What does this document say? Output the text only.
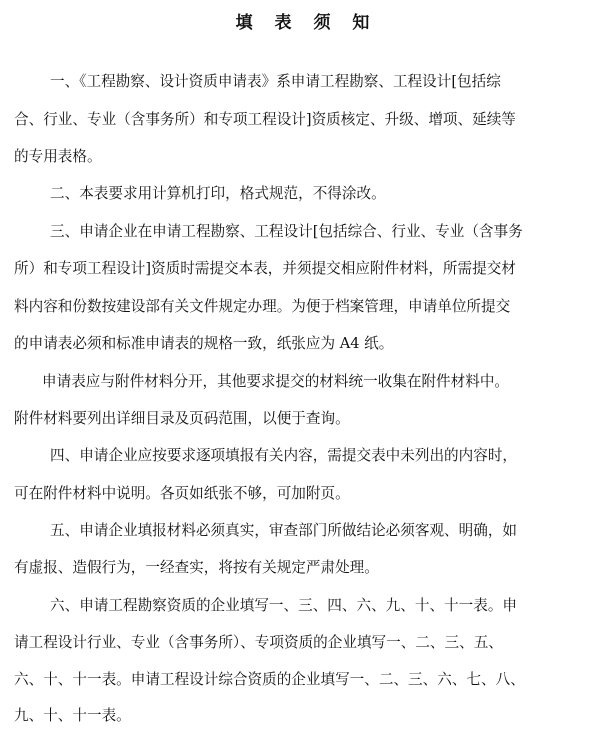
填 表 须 知
一、《工程勘察、设计资质申请表》系申请工程勘察、工程设计[包括综
合、行业、专业（含事务所）和专项工程设计]资质核定、升级、增项、延续等
的专用表格。
二、本表要求用计算机打印，格式规范，不得涂改。
三、申请企业在申请工程勘察、工程设计[包括综合、行业、专业（含事务
所）和专项工程设计]资质时需提交本表，并须提交相应附件材料，所需提交材
料内容和份数按建设部有关文件规定办理。为便于档案管理，申请单位所提交
的申请表必须和标准申请表的规格一致，纸张应为 A4 纸。
申请表应与附件材料分开，其他要求提交的材料统一收集在附件材料中。
附件材料要列出详细目录及页码范围，以便于查询。
四、申请企业应按要求逐项填报有关内容，需提交表中未列出的内容时，
可在附件材料中说明。各页如纸张不够，可加附页。
五、申请企业填报材料必须真实，审查部门所做结论必须客观、明确，如
有虚报、造假行为，一经查实，将按有关规定严肃处理。
六、申请工程勘察资质的企业填写一、三、四、六、九、十、十一表。申
请工程设计行业、专业（含事务所）、专项资质的企业填写一、二、三、五、
六、十、十一表。申请工程设计综合资质的企业填写一、二、三、六、七、八、
九、十、十一表。
